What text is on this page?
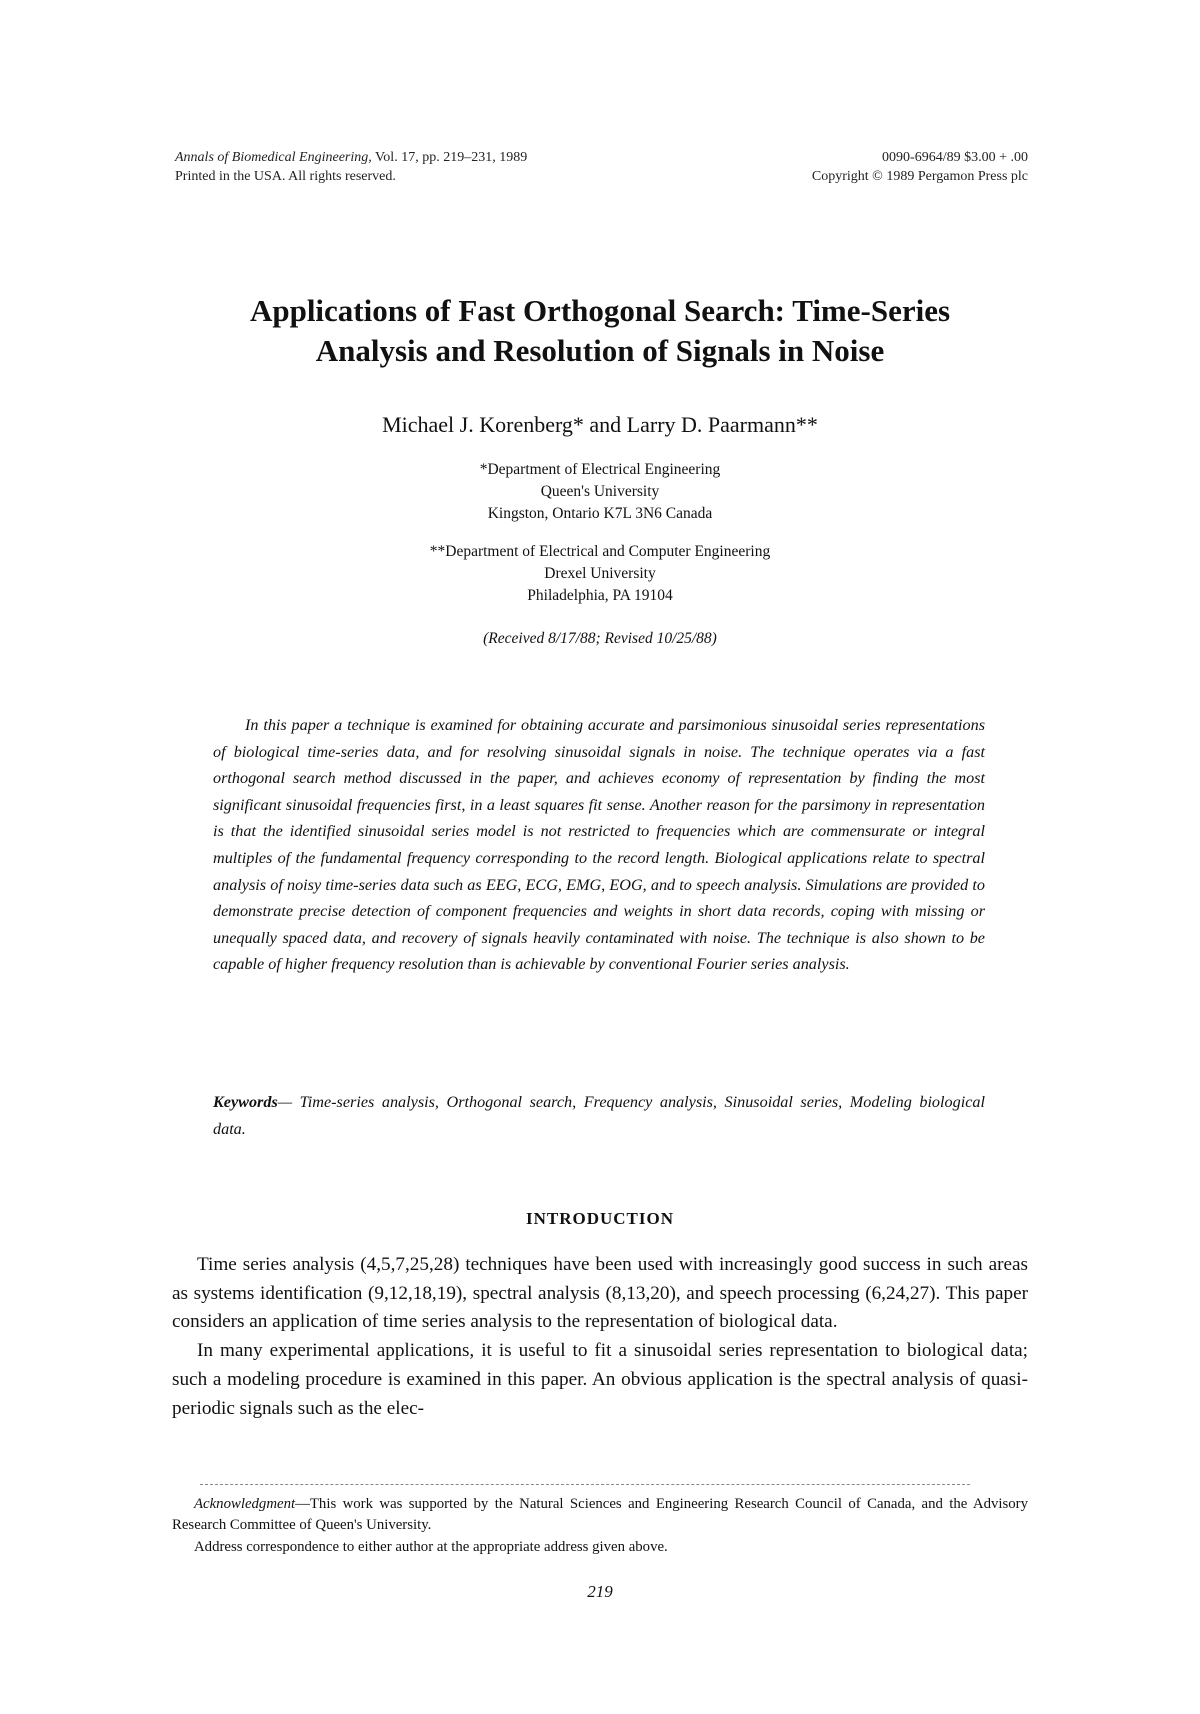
Annals of Biomedical Engineering, Vol. 17, pp. 219–231, 1989
Printed in the USA. All rights reserved.
0090-6964/89 $3.00 + .00
Copyright © 1989 Pergamon Press plc
Applications of Fast Orthogonal Search: Time-Series
Analysis and Resolution of Signals in Noise
Michael J. Korenberg* and Larry D. Paarmann**
*Department of Electrical Engineering
Queen's University
Kingston, Ontario K7L 3N6 Canada
**Department of Electrical and Computer Engineering
Drexel University
Philadelphia, PA 19104
(Received 8/17/88; Revised 10/25/88)
In this paper a technique is examined for obtaining accurate and parsimonious sinusoidal series representations of biological time-series data, and for resolving sinusoidal signals in noise. The technique operates via a fast orthogonal search method discussed in the paper, and achieves economy of representation by finding the most significant sinusoidal frequencies first, in a least squares fit sense. Another reason for the parsimony in representation is that the identified sinusoidal series model is not restricted to frequencies which are commensurate or integral multiples of the fundamental frequency corresponding to the record length. Biological applications relate to spectral analysis of noisy time-series data such as EEG, ECG, EMG, EOG, and to speech analysis. Simulations are provided to demonstrate precise detection of component frequencies and weights in short data records, coping with missing or unequally spaced data, and recovery of signals heavily contaminated with noise. The technique is also shown to be capable of higher frequency resolution than is achievable by conventional Fourier series analysis.
Keywords— Time-series analysis, Orthogonal search, Frequency analysis, Sinusoidal series, Modeling biological data.
INTRODUCTION

Time series analysis (4,5,7,25,28) techniques have been used with increasingly good success in such areas as systems identification (9,12,18,19), spectral analysis (8,13,20), and speech processing (6,24,27). This paper considers an application of time series analysis to the representation of biological data.

In many experimental applications, it is useful to fit a sinusoidal series representation to biological data; such a modeling procedure is examined in this paper. An obvious application is the spectral analysis of quasi-periodic signals such as the elec-

Acknowledgment—This work was supported by the Natural Sciences and Engineering Research Council of Canada, and the Advisory Research Committee of Queen's University.

Address correspondence to either author at the appropriate address given above.

219
